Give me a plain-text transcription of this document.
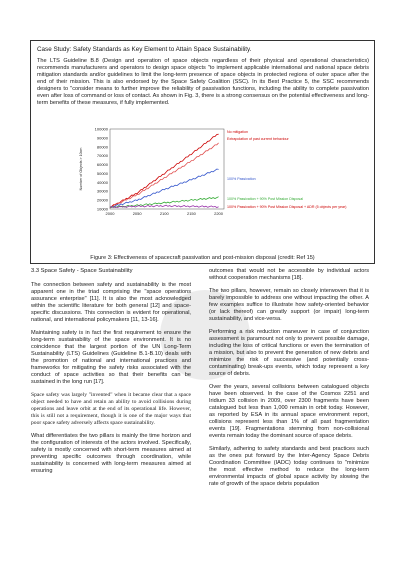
Case Study: Safety Standards as Key Element to Attain Space Sustainability.
The LTS Guideline B.8 (Design and operation of space objects regardless of their physical and operational characteristics) recommends manufacturers and operators to design space objects "to implement applicable international and national space debris mitigation standards and/or guidelines to limit the long-term presence of space objects in protected regions of outer space after the end of their mission. This is also endorsed by the Space Safety Coalition (SSC). In its Best Practice 5, the SSC recommends designers to "consider means to further improve the reliability of passivation functions, including the ability to complete passivation even after loss of command or loss of contact. As shown in Fig. 3, there is a strong consensus on the potential effectiveness and long-term benefits of these measures, if fully implemented.
Figure 3: Effectiveness of spacecraft passivation and post-mission disposal (credit: Ref 15)
10000
20000
30000
40000
50000
60000
70000
80000
90000
100000
2000	2050	2100	2150	2200
Number of Objects > 10cm
No mitigation
Extrapolation of past current behaviour
100% Passivation
100% Passivation + 90% Post Mission Disposal
100% Passivation + 90% Post Mission Disposal + ADR (5 objects per year)
3.3 Space Safety - Space Sustainability

The connection between safety and sustainability is the most apparent one in the triad comprising the "space operations assurance enterprise" [11]. It is also the most acknowledged within the scientific literature for both general [12] and space-specific discussions. This connection is evident for operational, national, and international policymakers [11, 13-16].

Maintaining safety is in fact the first requirement to ensure the long-term sustainability of the space environment. It is no coincidence that the largest portion of the UN Long-Term Sustainability (LTS) Guidelines (Guideline B.1-B.10) deals with the promotion of national and international practices and frameworks for mitigating the safety risks associated with the conduct of space activities so that their benefits can be sustained in the long run [17].

Space safety was largely "invented" when it became clear that a space object needed to have and retain an ability to avoid collisions during operations and leave orbit at the end of its operational life. However, this is still not a requirement, though it is one of the major ways that poor space safety adversely affects space sustainability.

What differentiates the two pillars is mainly the time horizon and the configuration of interests of the actors involved. Specifically, safety is mostly concerned with short-term measures aimed at preventing specific outcomes through coordination, while sustainability is concerned with long-term measures aimed at ensuring

outcomes that would not be accessible by individual actors without cooperation mechanisms [18].

The two pillars, however, remain so closely interwoven that it is barely impossible to address one without impacting the other. A few examples suffice to illustrate how safety-oriented behavior (or lack thereof) can greatly support (or impair) long-term sustainability, and vice-versa.

Performing a risk reduction maneuver in case of conjunction assessment is paramount not only to prevent possible damage, including the loss of critical functions or even the termination of a mission, but also to prevent the generation of new debris and minimize the risk of successive (and potentially cross-contaminating) break-ups events, which today represent a key source of debris.

Over the years, several collisions between catalogued objects have been observed. In the case of the Cosmos 2251 and Iridium 33 collision in 2009, over 2300 fragments have been catalogued but less than 1,000 remain in orbit today. However, as reported by ESA in its annual space environment report, collisions represent less than 1% of all past fragmentation events [19]. Fragmentations stemming from non-collisional events remain today the dominant source of space debris.

Similarly, adhering to safety standards and best practices such as the ones put forward by the Inter-Agency Space Debris Coordination Committee (IADC) today continues to "minimize the most effective method to reduce the long-term environmental impacts of global space activity by slowing the rate of growth of the space debris population
